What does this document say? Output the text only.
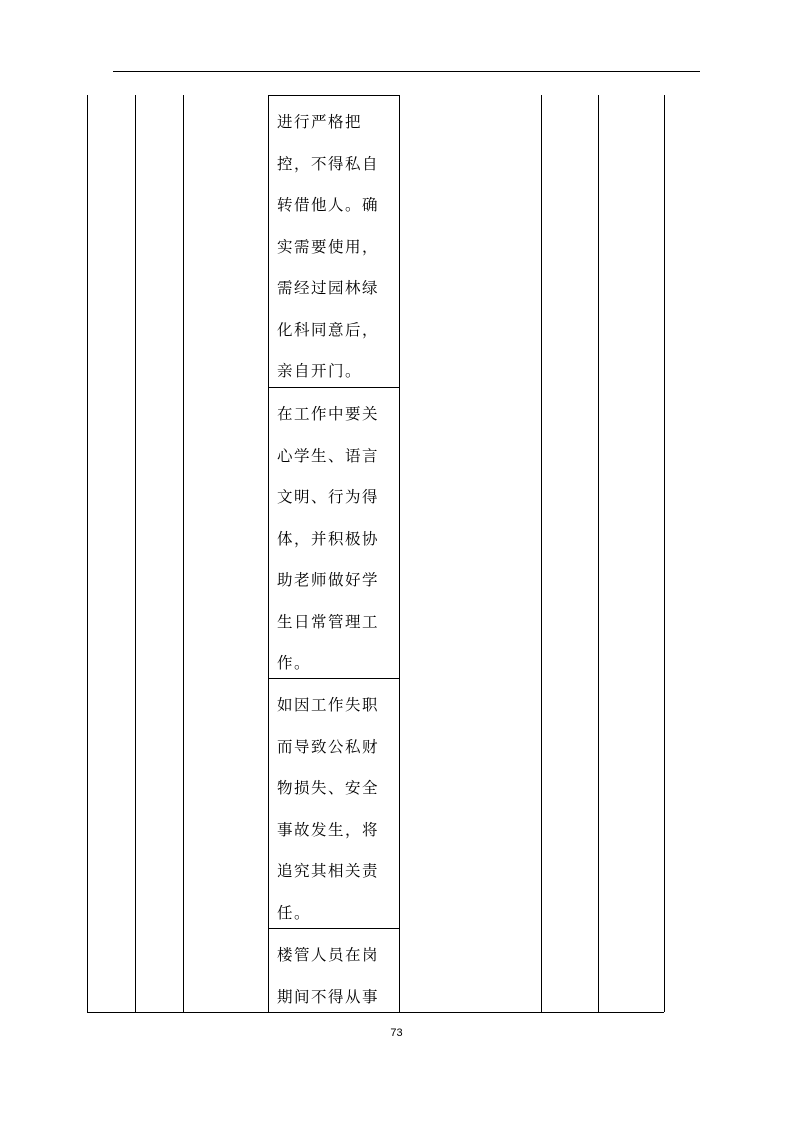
进行严格把
控，不得私自
转借他人。确
实需要使用，
需经过园林绿
化科同意后，
亲自开门。
在工作中要关
心学生、语言
文明、行为得
体，并积极协
助老师做好学
生日常管理工
作。
如因工作失职
而导致公私财
物损失、安全
事故发生，将
追究其相关责
任。
楼管人员在岗
期间不得从事
73
